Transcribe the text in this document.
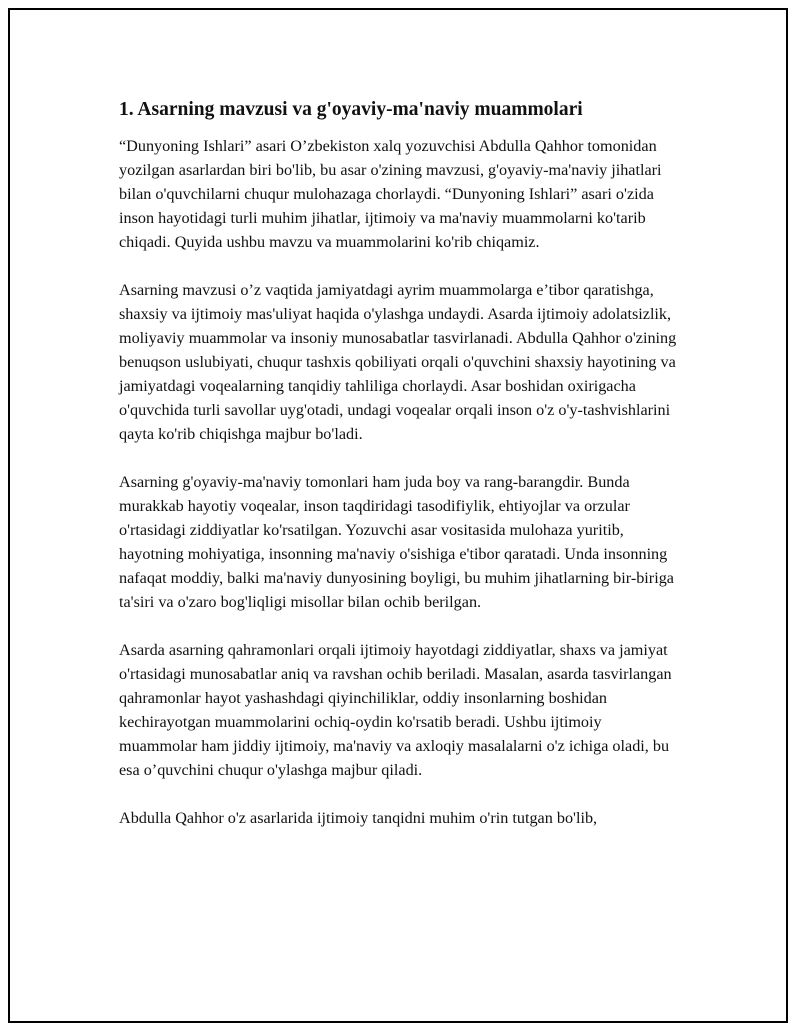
1. Asarning mavzusi va g'oyaviy-ma'naviy muammolari

“Dunyoning Ishlari” asari O’zbekiston xalq yozuvchisi Abdulla Qahhor tomonidan yozilgan asarlardan biri bo'lib, bu asar o'zining mavzusi, g'oyaviy-ma'naviy jihatlari bilan o'quvchilarni chuqur mulohazaga chorlaydi. “Dunyoning Ishlari” asari o'zida inson hayotidagi turli muhim jihatlar, ijtimoiy va ma'naviy muammolarni ko'tarib chiqadi. Quyida ushbu mavzu va muammolarini ko'rib chiqamiz.

Asarning mavzusi o’z vaqtida jamiyatdagi ayrim muammolarga e’tibor qaratishga, shaxsiy va ijtimoiy mas'uliyat haqida o'ylashga undaydi. Asarda ijtimoiy adolatsizlik, moliyaviy muammolar va insoniy munosabatlar tasvirlanadi. Abdulla Qahhor o'zining benuqson uslubiyati, chuqur tashxis qobiliyati orqali o'quvchini shaxsiy hayotining va jamiyatdagi voqealarning tanqidiy tahliliga chorlaydi. Asar boshidan oxirigacha o'quvchida turli savollar uyg'otadi, undagi voqealar orqali inson o'z o'y-tashvishlarini qayta ko'rib chiqishga majbur bo'ladi.

Asarning g'oyaviy-ma'naviy tomonlari ham juda boy va rang-barangdir. Bunda murakkab hayotiy voqealar, inson taqdiridagi tasodifiylik, ehtiyojlar va orzular o'rtasidagi ziddiyatlar ko'rsatilgan. Yozuvchi asar vositasida mulohaza yuritib, hayotning mohiyatiga, insonning ma'naviy o'sishiga e'tibor qaratadi. Unda insonning nafaqat moddiy, balki ma'naviy dunyosining boyligi, bu muhim jihatlarning bir-biriga ta'siri va o'zaro bog'liqligi misollar bilan ochib berilgan.

Asarda asarning qahramonlari orqali ijtimoiy hayotdagi ziddiyatlar, shaxs va jamiyat o'rtasidagi munosabatlar aniq va ravshan ochib beriladi. Masalan, asarda tasvirlangan qahramonlar hayot yashashdagi qiyinchiliklar, oddiy insonlarning boshidan kechirayotgan muammolarini ochiq-oydin ko'rsatib beradi. Ushbu ijtimoiy muammolar ham jiddiy ijtimoiy, ma'naviy va axloqiy masalalarni o'z ichiga oladi, bu esa o’quvchini chuqur o'ylashga majbur qiladi.

Abdulla Qahhor o'z asarlarida ijtimoiy tanqidni muhim o'rin tutgan bo'lib,
